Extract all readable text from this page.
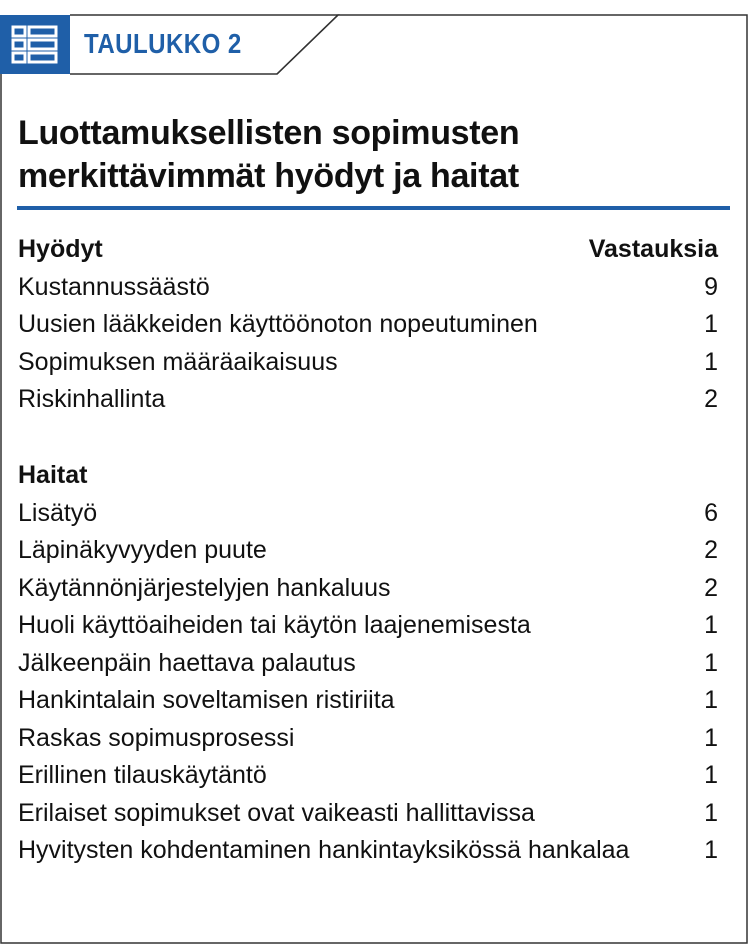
TAULUKKO 2
Luottamuksellisten sopimusten merkittävimmät hyödyt ja haitat
Hyödyt	Vastauksia
Kustannussäästö	9
Uusien lääkkeiden käyttöönoton nopeutuminen	1
Sopimuksen määräaikaisuus	1
Riskinhallinta	2
Haitat
Lisätyö	6
Läpinäkyvyyden puute	2
Käytännönjärjestelyjen hankaluus	2
Huoli käyttöaiheiden tai käytön laajenemisesta	1
Jälkeenpäin haettava palautus	1
Hankintalain soveltamisen ristiriita	1
Raskas sopimusprosessi	1
Erillinen tilauskäytäntö	1
Erilaiset sopimukset ovat vaikeasti hallittavissa	1
Hyvitysten kohdentaminen hankintayksikössä hankalaa	1
